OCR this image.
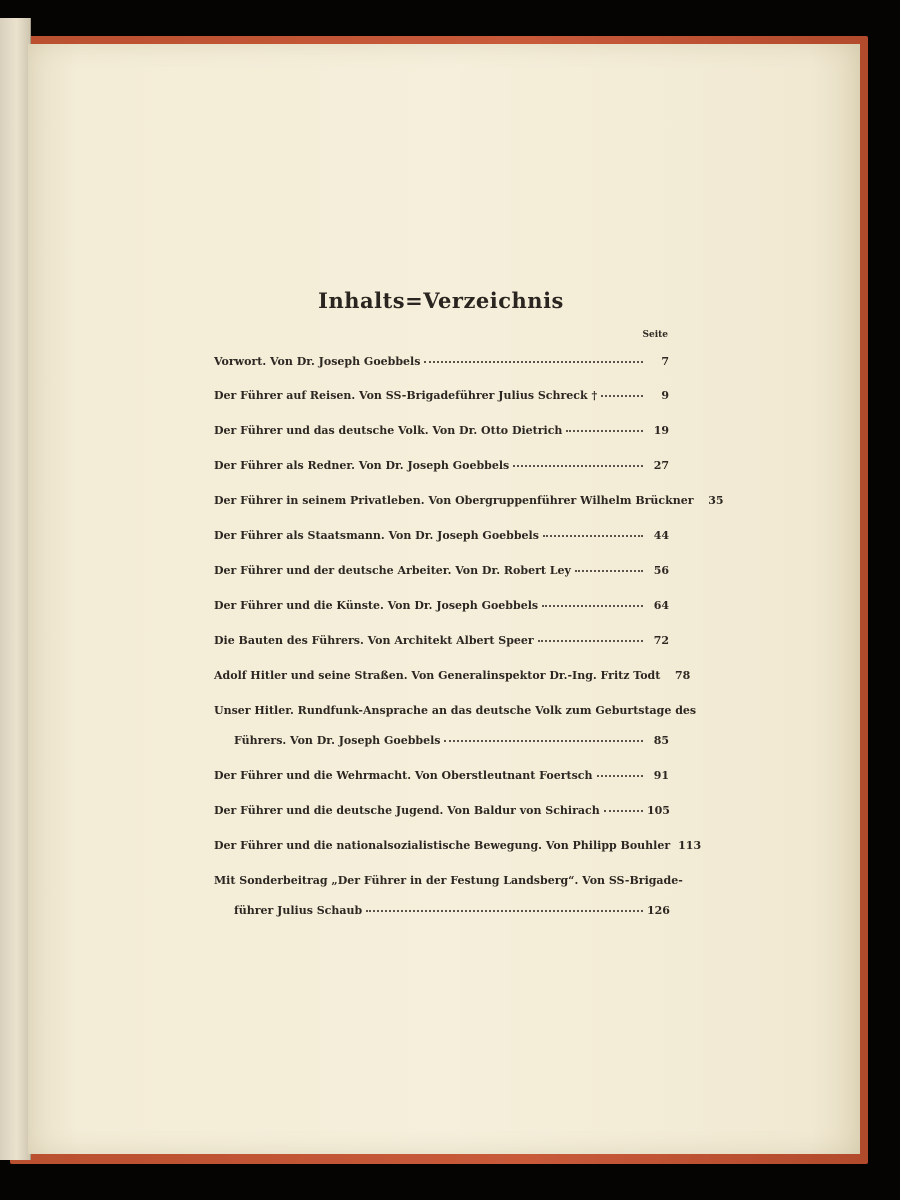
Inhalts=Verzeichnis
Seite
Vorwort. Von Dr. Joseph Goebbels	7
Der Führer auf Reisen. Von SS-Brigadeführer Julius Schreck †	9
Der Führer und das deutsche Volk. Von Dr. Otto Dietrich	19
Der Führer als Redner. Von Dr. Joseph Goebbels	27
Der Führer in seinem Privatleben. Von Obergruppenführer Wilhelm Brückner	35
Der Führer als Staatsmann. Von Dr. Joseph Goebbels	44
Der Führer und der deutsche Arbeiter. Von Dr. Robert Ley	56
Der Führer und die Künste. Von Dr. Joseph Goebbels	64
Die Bauten des Führers. Von Architekt Albert Speer	72
Adolf Hitler und seine Straßen. Von Generalinspektor Dr.-Ing. Fritz Todt	78
Unser Hitler. Rundfunk-Ansprache an das deutsche Volk zum Geburtstage des
Führers. Von Dr. Joseph Goebbels	85
Der Führer und die Wehrmacht. Von Oberstleutnant Foertsch	91
Der Führer und die deutsche Jugend. Von Baldur von Schirach	105
Der Führer und die nationalsozialistische Bewegung. Von Philipp Bouhler 113
Mit Sonderbeitrag „Der Führer in der Festung Landsberg“. Von SS-Brigade-
führer Julius Schaub	126
